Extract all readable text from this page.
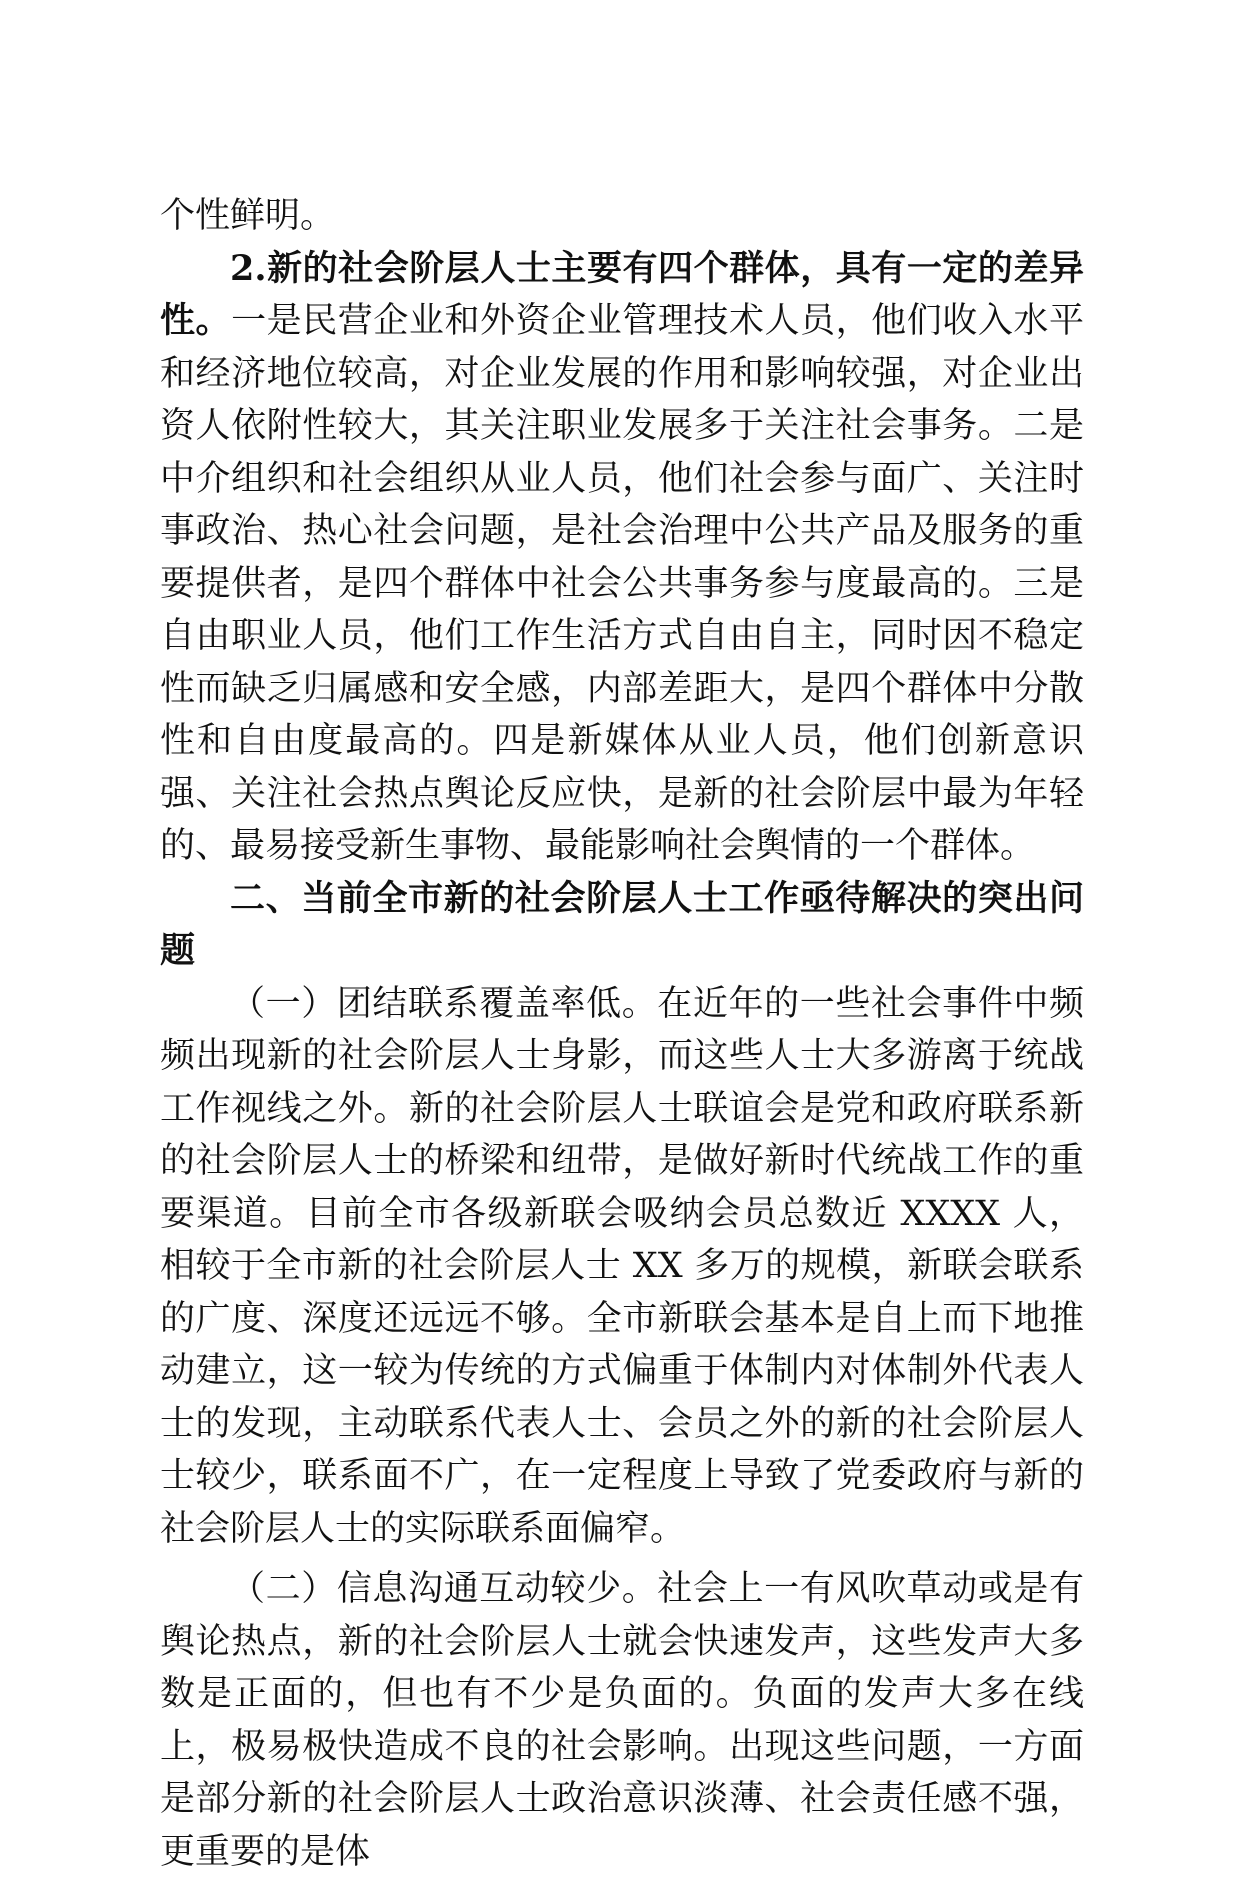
个性鲜明。

2.新的社会阶层人士主要有四个群体，具有一定的差异性。一是民营企业和外资企业管理技术人员，他们收入水平和经济地位较高，对企业发展的作用和影响较强，对企业出资人依附性较大，其关注职业发展多于关注社会事务。二是中介组织和社会组织从业人员，他们社会参与面广、关注时事政治、热心社会问题，是社会治理中公共产品及服务的重要提供者，是四个群体中社会公共事务参与度最高的。三是自由职业人员，他们工作生活方式自由自主，同时因不稳定性而缺乏归属感和安全感，内部差距大，是四个群体中分散性和自由度最高的。四是新媒体从业人员，他们创新意识强、关注社会热点舆论反应快，是新的社会阶层中最为年轻的、最易接受新生事物、最能影响社会舆情的一个群体。

二、当前全市新的社会阶层人士工作亟待解决的突出问题

（一）团结联系覆盖率低。在近年的一些社会事件中频频出现新的社会阶层人士身影，而这些人士大多游离于统战工作视线之外。新的社会阶层人士联谊会是党和政府联系新的社会阶层人士的桥梁和纽带，是做好新时代统战工作的重要渠道。目前全市各级新联会吸纳会员总数近 XXXX 人，相较于全市新的社会阶层人士 XX 多万的规模，新联会联系的广度、深度还远远不够。全市新联会基本是自上而下地推动建立，这一较为传统的方式偏重于体制内对体制外代表人士的发现，主动联系代表人士、会员之外的新的社会阶层人士较少，联系面不广，在一定程度上导致了党委政府与新的社会阶层人士的实际联系面偏窄。

（二）信息沟通互动较少。社会上一有风吹草动或是有舆论热点，新的社会阶层人士就会快速发声，这些发声大多数是正面的，但也有不少是负面的。负面的发声大多在线上，极易极快造成不良的社会影响。出现这些问题，一方面是部分新的社会阶层人士政治意识淡薄、社会责任感不强，更重要的是体
